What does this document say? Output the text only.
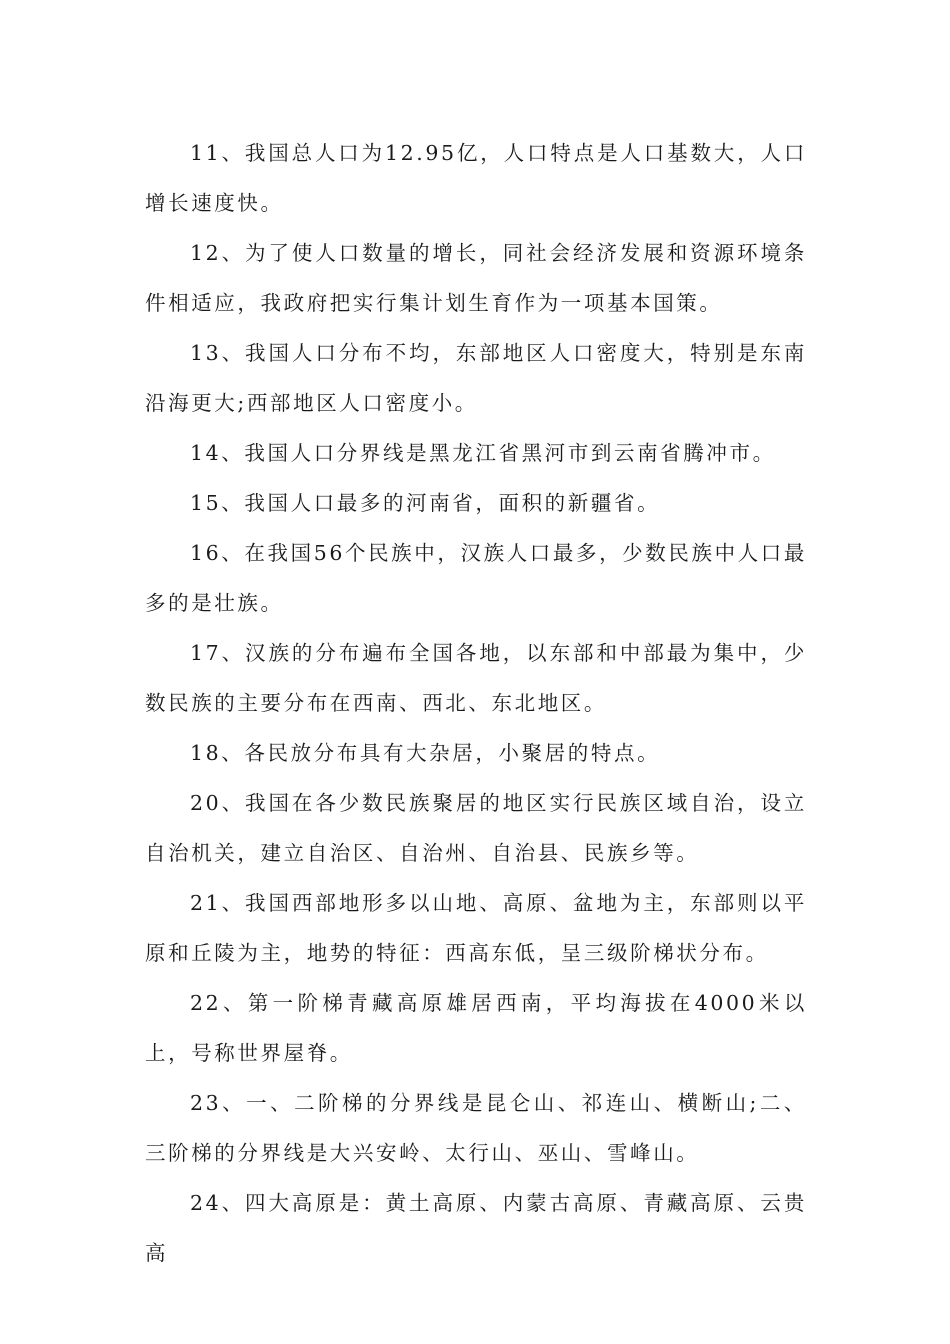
11、我国总人口为12.95亿，人口特点是人口基数大，人口增长速度快。

12、为了使人口数量的增长，同社会经济发展和资源环境条件相适应，我政府把实行集计划生育作为一项基本国策。

13、我国人口分布不均，东部地区人口密度大，特别是东南沿海更大;西部地区人口密度小。

14、我国人口分界线是黑龙江省黑河市到云南省腾冲市。

15、我国人口最多的河南省，面积的新疆省。

16、在我国56个民族中，汉族人口最多，少数民族中人口最多的是壮族。

17、汉族的分布遍布全国各地，以东部和中部最为集中，少数民族的主要分布在西南、西北、东北地区。

18、各民放分布具有大杂居，小聚居的特点。

20、我国在各少数民族聚居的地区实行民族区域自治，设立自治机关，建立自治区、自治州、自治县、民族乡等。

21、我国西部地形多以山地、高原、盆地为主，东部则以平原和丘陵为主，地势的特征：西高东低，呈三级阶梯状分布。

22、第一阶梯青藏高原雄居西南，平均海拔在4000米以上，号称世界屋脊。

23、一、二阶梯的分界线是昆仑山、祁连山、横断山;二、三阶梯的分界线是大兴安岭、太行山、巫山、雪峰山。

24、四大高原是：黄土高原、内蒙古高原、青藏高原、云贵高
